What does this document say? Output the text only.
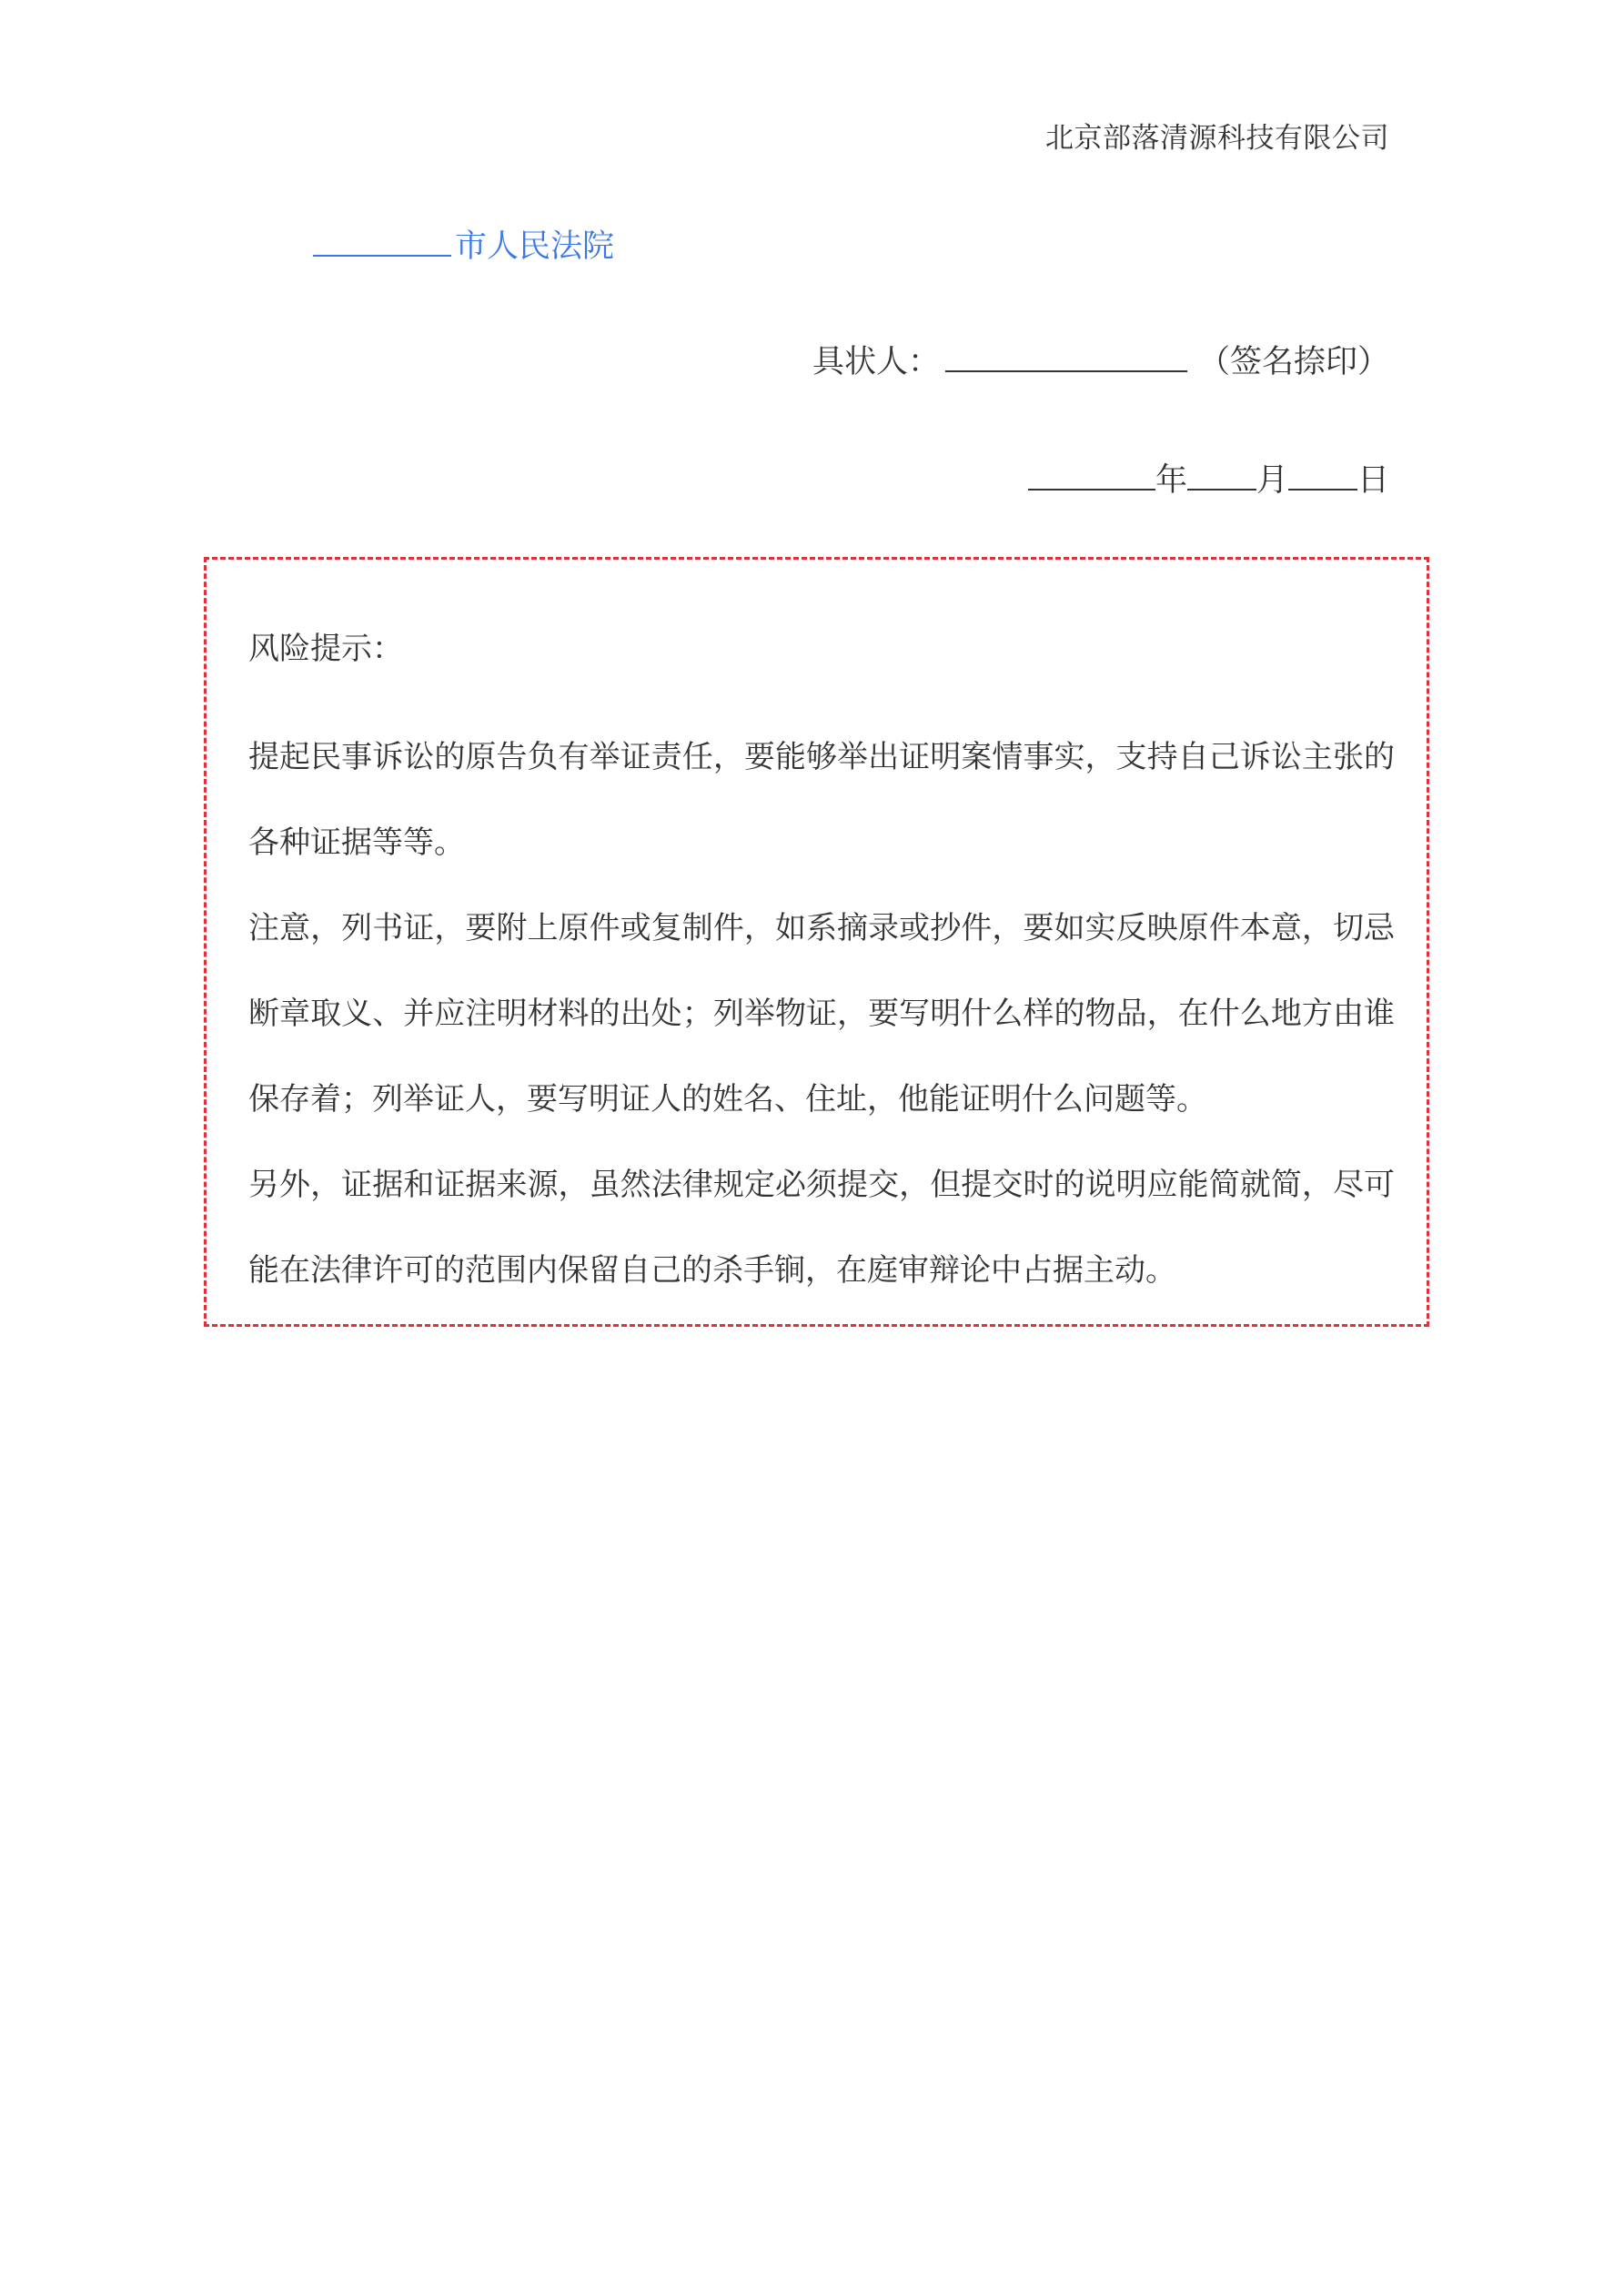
北京部落清源科技有限公司
市人民法院
具状人：	（签名捺印）
年 月 日
风险提示：

提起民事诉讼的原告负有举证责任，要能够举出证明案情事实，支持自己诉讼主张的各种证据等等。

注意，列书证，要附上原件或复制件，如系摘录或抄件，要如实反映原件本意，切忌断章取义、并应注明材料的出处；列举物证，要写明什么样的物品，在什么地方由谁保存着；列举证人，要写明证人的姓名、住址，他能证明什么问题等。

另外，证据和证据来源，虽然法律规定必须提交，但提交时的说明应能简就简，尽可能在法律许可的范围内保留自己的杀手锏，在庭审辩论中占据主动。
